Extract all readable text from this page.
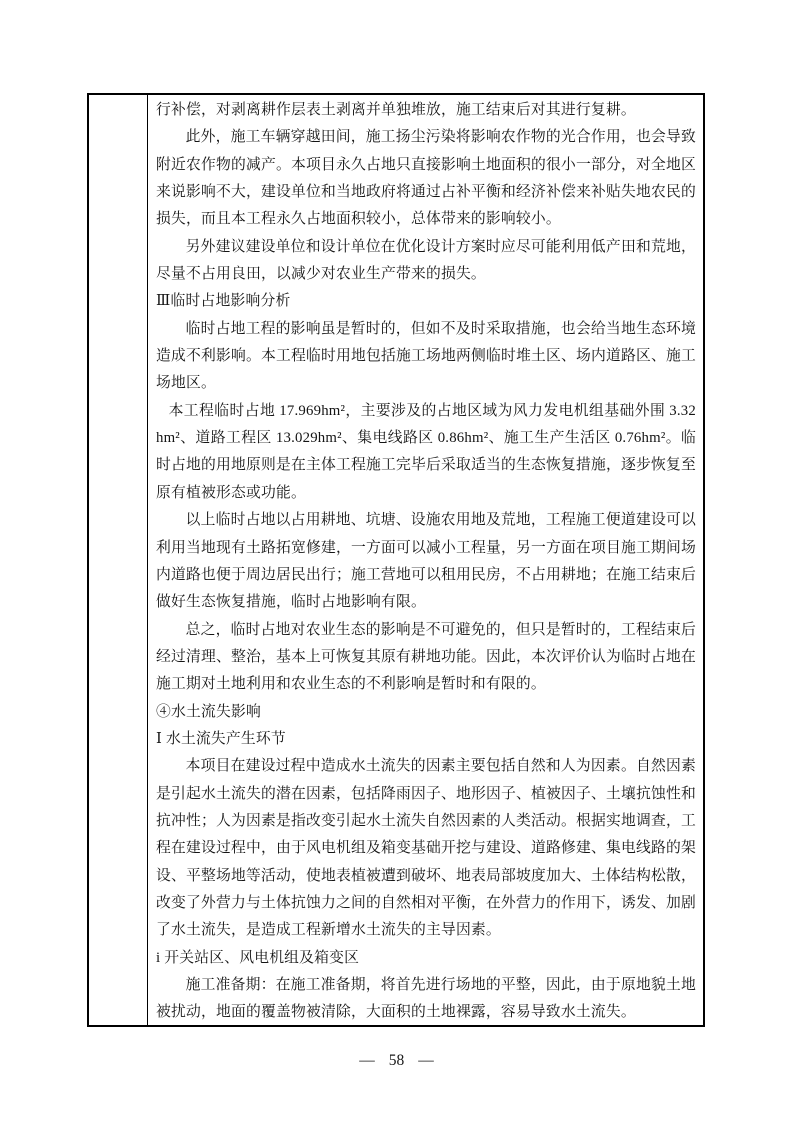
行补偿，对剥离耕作层表土剥离并单独堆放，施工结束后对其进行复耕。

此外，施工车辆穿越田间，施工扬尘污染将影响农作物的光合作用，也会导致附近农作物的减产。本项目永久占地只直接影响土地面积的很小一部分，对全地区来说影响不大，建设单位和当地政府将通过占补平衡和经济补偿来补贴失地农民的损失，而且本工程永久占地面积较小，总体带来的影响较小。

另外建议建设单位和设计单位在优化设计方案时应尽可能利用低产田和荒地，尽量不占用良田，以减少对农业生产带来的损失。

Ⅲ临时占地影响分析

临时占地工程的影响虽是暂时的，但如不及时采取措施，也会给当地生态环境造成不利影响。本工程临时用地包括施工场地两侧临时堆土区、场内道路区、施工场地区。

本工程临时占地 17.969hm²，主要涉及的占地区域为风力发电机组基础外围 3.32hm²、道路工程区 13.029hm²、集电线路区 0.86hm²、施工生产生活区 0.76hm²。临时占地的用地原则是在主体工程施工完毕后采取适当的生态恢复措施，逐步恢复至原有植被形态或功能。

以上临时占地以占用耕地、坑塘、设施农用地及荒地，工程施工便道建设可以利用当地现有土路拓宽修建，一方面可以减小工程量，另一方面在项目施工期间场内道路也便于周边居民出行；施工营地可以租用民房，不占用耕地；在施工结束后做好生态恢复措施，临时占地影响有限。

总之，临时占地对农业生态的影响是不可避免的，但只是暂时的，工程结束后经过清理、整治，基本上可恢复其原有耕地功能。因此，本次评价认为临时占地在施工期对土地利用和农业生态的不利影响是暂时和有限的。

④水土流失影响

Ⅰ 水土流失产生环节

本项目在建设过程中造成水土流失的因素主要包括自然和人为因素。自然因素是引起水土流失的潜在因素，包括降雨因子、地形因子、植被因子、土壤抗蚀性和抗冲性；人为因素是指改变引起水土流失自然因素的人类活动。根据实地调查，工程在建设过程中，由于风电机组及箱变基础开挖与建设、道路修建、集电线路的架设、平整场地等活动，使地表植被遭到破坏、地表局部坡度加大、土体结构松散，改变了外营力与土体抗蚀力之间的自然相对平衡，在外营力的作用下，诱发、加剧了水土流失，是造成工程新增水土流失的主导因素。

i 开关站区、风电机组及箱变区

施工准备期：在施工准备期，将首先进行场地的平整，因此，由于原地貌土地被扰动，地面的覆盖物被清除，大面积的土地裸露，容易导致水土流失。

— 58 —
